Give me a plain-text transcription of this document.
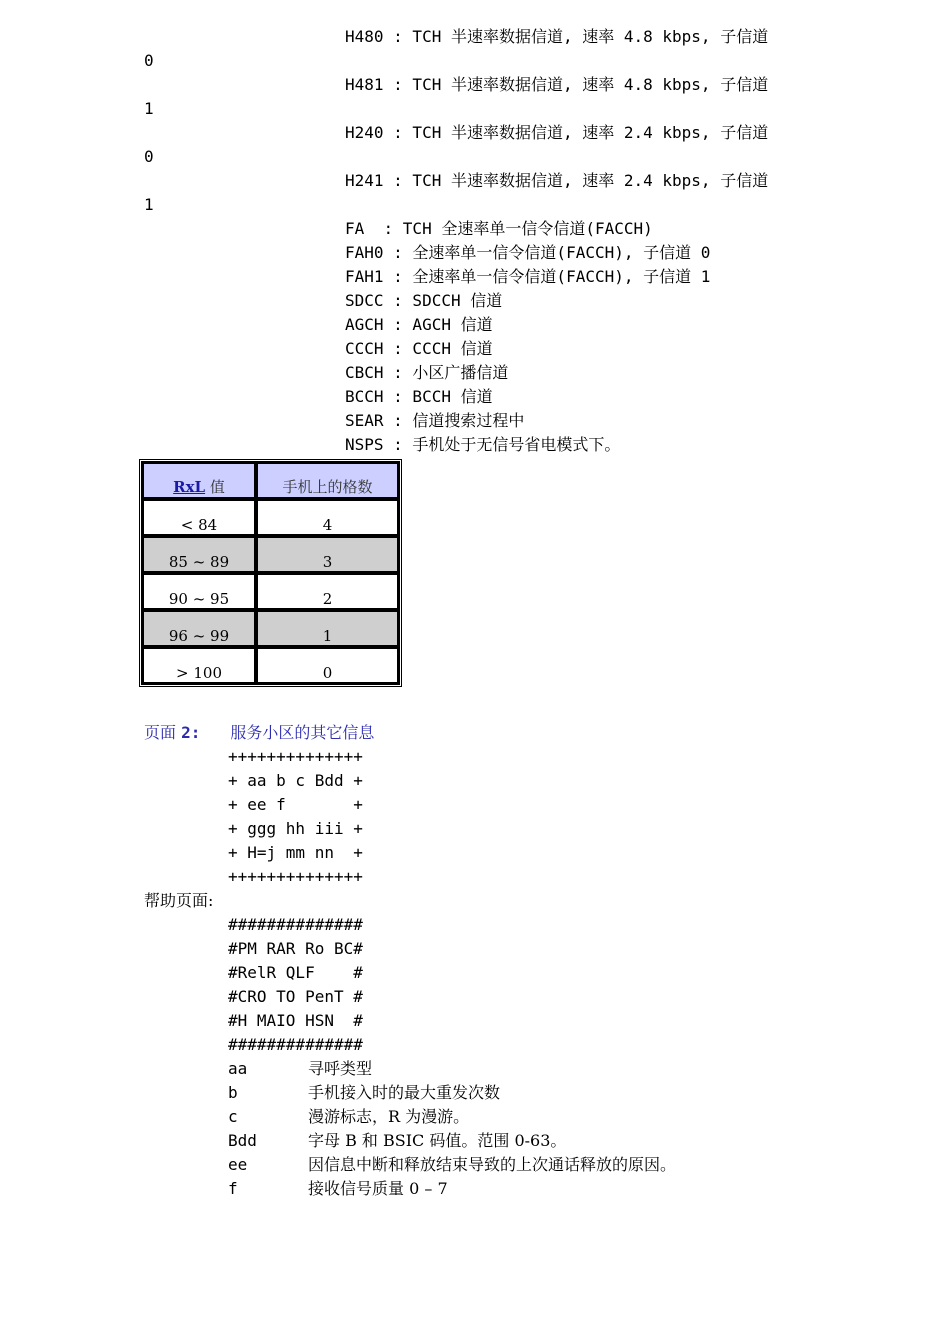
H480 : TCH 半速率数据信道, 速率 4.8 kbps, 子信道
0
H481 : TCH 半速率数据信道, 速率 4.8 kbps, 子信道
1
H240 : TCH 半速率数据信道, 速率 2.4 kbps, 子信道
0
H241 : TCH 半速率数据信道, 速率 2.4 kbps, 子信道
1
FA  : TCH 全速率单一信令信道(FACCH)
FAH0 : 全速率单一信令信道(FACCH), 子信道 0
FAH1 : 全速率单一信令信道(FACCH), 子信道 1
SDCC : SDCCH 信道
AGCH : AGCH 信道
CCCH : CCCH 信道
CBCH : 小区广播信道
BCCH : BCCH 信道
SEAR : 信道搜索过程中
NSPS : 手机处于无信号省电模式下。
RxL 值	手机上的格数
< 84	4
85 ~ 89	3
90 ~ 95	2
96 ~ 99	1
> 100	0
页面 2: 服务小区的其它信息
++++++++++++++
+ aa b c Bdd +
+ ee f       +
+ ggg hh iii +
+ H=j mm nn  +
++++++++++++++
帮助页面:
##############
#PM RAR Ro BC#
#RelR QLF    #
#CRO TO PenT #
#H MAIO HSN  #
##############
aa	寻呼类型
b	手机接入时的最大重发次数
c	漫游标志，R 为漫游。
Bdd	字母 B 和 BSIC 码值。范围 0-63。
ee	因信息中断和释放结束导致的上次通话释放的原因。
f	接收信号质量 0 – 7
